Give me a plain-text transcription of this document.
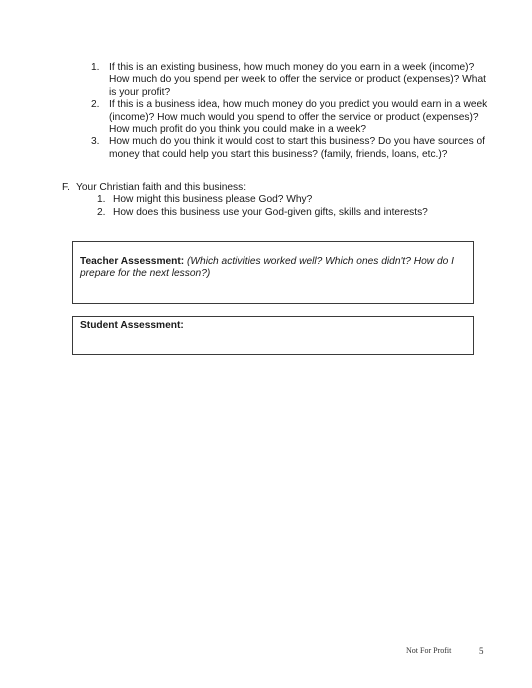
1. If this is an existing business, how much money do you earn in a week (income)? How much do you spend per week to offer the service or product (expenses)? What is your profit?
2. If this is a business idea, how much money do you predict you would earn in a week (income)? How much would you spend to offer the service or product (expenses)? How much profit do you think you could make in a week?
3. How much do you think it would cost to start this business? Do you have sources of money that could help you start this business? (family, friends, loans, etc.)?
F. Your Christian faith and this business:
1. How might this business please God? Why?
2. How does this business use your God-given gifts, skills and interests?
Teacher Assessment: (Which activities worked well? Which ones didn't? How do I prepare for the next lesson?)
Student Assessment:
Not For Profit	5
